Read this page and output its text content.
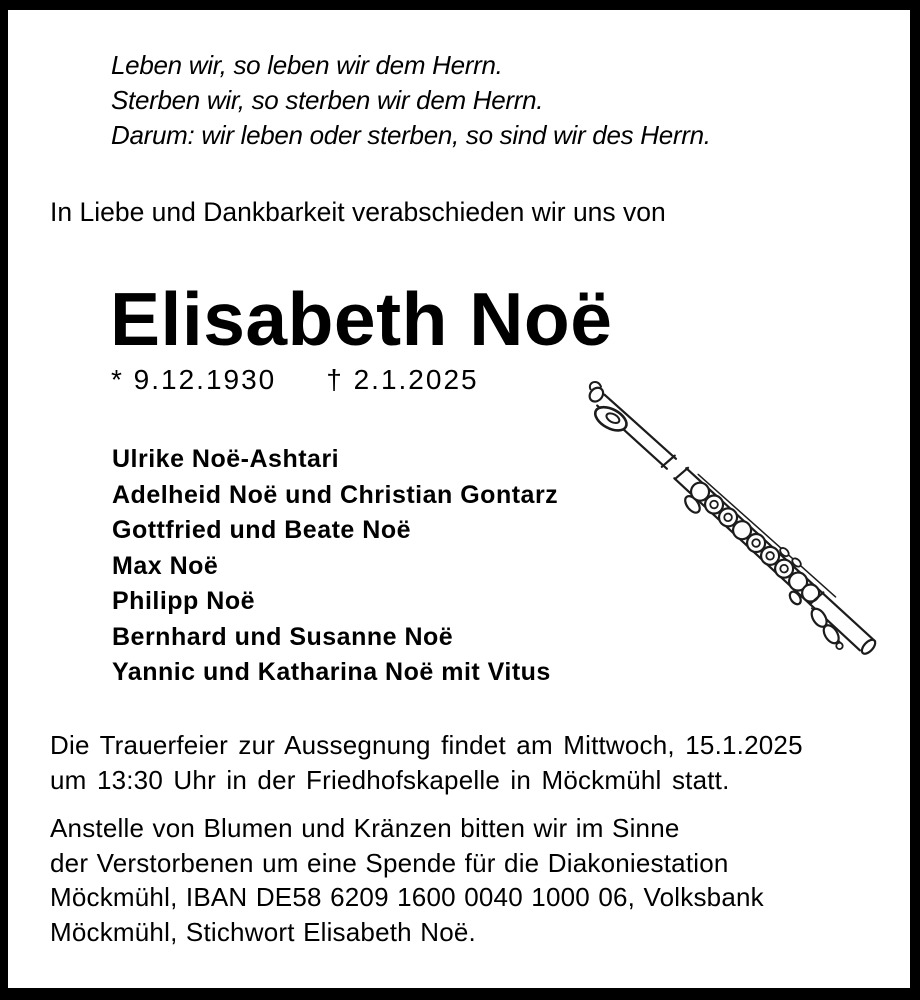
Leben wir, so leben wir dem Herrn.
Sterben wir, so sterben wir dem Herrn.
Darum: wir leben oder sterben, so sind wir des Herrn.
In Liebe und Dankbarkeit verabschieden wir uns von
Elisabeth Noë
* 9.12.1930 † 2.1.2025
Ulrike Noë-Ashtari
Adelheid Noë und Christian Gontarz
Gottfried und Beate Noë
Max Noë
Philipp Noë
Bernhard und Susanne Noë
Yannic und Katharina Noë mit Vitus
Die Trauerfeier zur Aussegnung findet am Mittwoch, 15.1.2025
um 13:30 Uhr in der Friedhofskapelle in Möckmühl statt.
Anstelle von Blumen und Kränzen bitten wir im Sinne
der Verstorbenen um eine Spende für die Diakoniestation
Möckmühl, IBAN DE58 6209 1600 0040 1000 06, Volksbank
Möckmühl, Stichwort Elisabeth Noë.
